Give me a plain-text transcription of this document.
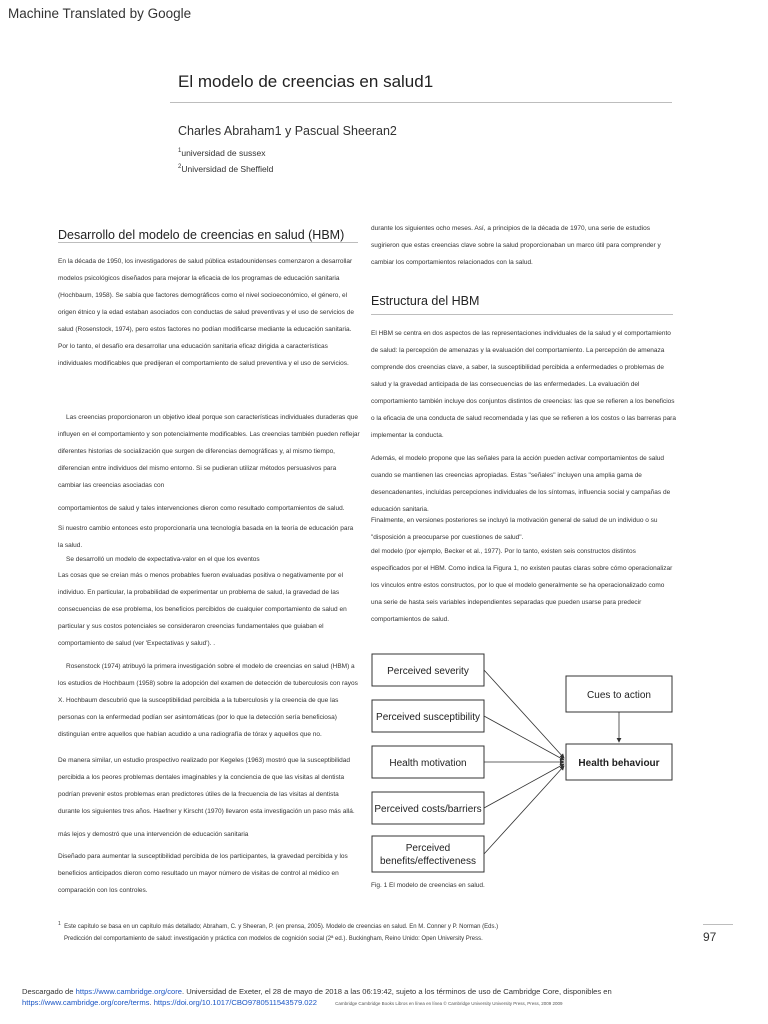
Machine Translated by Google
El modelo de creencias en salud1
Charles Abraham1 y Pascual Sheeran2
$^1$universidad de sussex
$^2$Universidad de Sheffield
Desarrollo del modelo de creencias en salud (HBM)
En la década de 1950, los investigadores de salud pública estadounidenses comenzaron a desarrollar modelos psicológicos diseñados para mejorar la eficacia de los programas de educación sanitaria (Hochbaum, 1958). Se sabía que factores demográficos como el nivel socioeconómico, el género, el origen étnico y la edad estaban asociados con conductas de salud preventivas y el uso de servicios de salud (Rosenstock, 1974), pero estos factores no podían modificarse mediante la educación sanitaria. Por lo tanto, el desafío era desarrollar una educación sanitaria eficaz dirigida a características individuales modificables que predijeran el comportamiento de salud preventiva y el uso de servicios.
Las creencias proporcionaron un objetivo ideal porque son características individuales duraderas que influyen en el comportamiento y son potencialmente modificables. Las creencias también pueden reflejar diferentes historias de socialización que surgen de diferencias demográficas y, al mismo tiempo, diferencian entre individuos del mismo entorno. Si se pudieran utilizar métodos persuasivos para cambiar las creencias asociadas con
comportamientos de salud y tales intervenciones dieron como resultado comportamientos de salud.
Si nuestro cambio entonces esto proporcionaría una tecnología basada en la teoría de educación para la salud.
Se desarrolló un modelo de expectativa-valor en el que los eventos
Las cosas que se creían más o menos probables fueron evaluadas positiva o negativamente por el individuo. En particular, la probabilidad de experimentar un problema de salud, la gravedad de las consecuencias de ese problema, los beneficios percibidos de cualquier comportamiento de salud en particular y sus costos potenciales se consideraron creencias fundamentales que guiaban el comportamiento de salud (ver 'Expectativas y salud'). .
Rosenstock (1974) atribuyó la primera investigación sobre el modelo de creencias en salud (HBM) a los estudios de Hochbaum (1958) sobre la adopción del examen de detección de tuberculosis con rayos X. Hochbaum descubrió que la susceptibilidad percibida a la tuberculosis y la creencia de que las personas con la enfermedad podían ser asintomáticas (por lo que la detección sería beneficiosa) distinguían entre aquellos que habían acudido a una radiografía de tórax y aquellos que no.
De manera similar, un estudio prospectivo realizado por Kegeles (1963) mostró que la susceptibilidad percibida a los peores problemas dentales imaginables y la conciencia de que las visitas al dentista podrían prevenir estos problemas eran predictores útiles de la frecuencia de las visitas al dentista durante los siguientes tres años. Haefner y Kirscht (1970) llevaron esta investigación un paso más allá.
más lejos y demostró que una intervención de educación sanitaria
Diseñado para aumentar la susceptibilidad percibida de los participantes, la gravedad percibida y los beneficios anticipados dieron como resultado un mayor número de visitas de control al médico en comparación con los controles.
durante los siguientes ocho meses. Así, a principios de la década de 1970, una serie de estudios sugirieron que estas creencias clave sobre la salud proporcionaban un marco útil para comprender y cambiar los comportamientos relacionados con la salud.
Estructura del HBM
El HBM se centra en dos aspectos de las representaciones individuales de la salud y el comportamiento de salud: la percepción de amenazas y la evaluación del comportamiento. La percepción de amenaza comprende dos creencias clave, a saber, la susceptibilidad percibida a enfermedades o problemas de salud y la gravedad anticipada de las consecuencias de las enfermedades. La evaluación del comportamiento también incluye dos conjuntos distintos de creencias: las que se refieren a los beneficios o la eficacia de una conducta de salud recomendada y las que se refieren a los costos o las barreras para implementar la conducta.
Además, el modelo propone que las señales para la acción pueden activar comportamientos de salud cuando se mantienen las creencias apropiadas. Estas "señales" incluyen una amplia gama de desencadenantes, incluidas percepciones individuales de los síntomas, influencia social y campañas de educación sanitaria.
Finalmente, en versiones posteriores se incluyó la motivación general de salud de un individuo o su "disposición a preocuparse por cuestiones de salud".
del modelo (por ejemplo, Becker et al., 1977). Por lo tanto, existen seis constructos distintos especificados por el HBM. Como indica la Figura 1, no existen pautas claras sobre cómo operacionalizar los vínculos entre estos constructos, por lo que el modelo generalmente se ha operacionalizado como una serie de hasta seis variables independientes separadas que pueden usarse para predecir comportamientos de salud.
Perceived severity
Perceived susceptibility
Health motivation
Perceived costs/barriers
Perceived
benefits/effectiveness
Cues to action
Health behaviour
Fig. 1 El modelo de creencias en salud.
$^1$ Este capítulo se basa en un capítulo más detallado; Abraham, C. y Sheeran, P. (en prensa, 2005). Modelo de creencias en salud. En M. Conner y P. Norman (Eds.)
Predicción del comportamiento de salud: investigación y práctica con modelos de cognición social (2ª ed.). Buckingham, Reino Unido: Open University Press.	97
Descargado de https://www.cambridge.org/core. Universidad de Exeter, el 28 de mayo de 2018 a las 06:19:42, sujeto a los términos de uso de Cambridge Core, disponibles en https://www.cambridge.org/core/terms. https://doi.org/10.1017/CBO9780511543579.022	Cambridge Cambridge Books Libros en línea en línea © Cambridge University University Press, Press, 2009 2009
